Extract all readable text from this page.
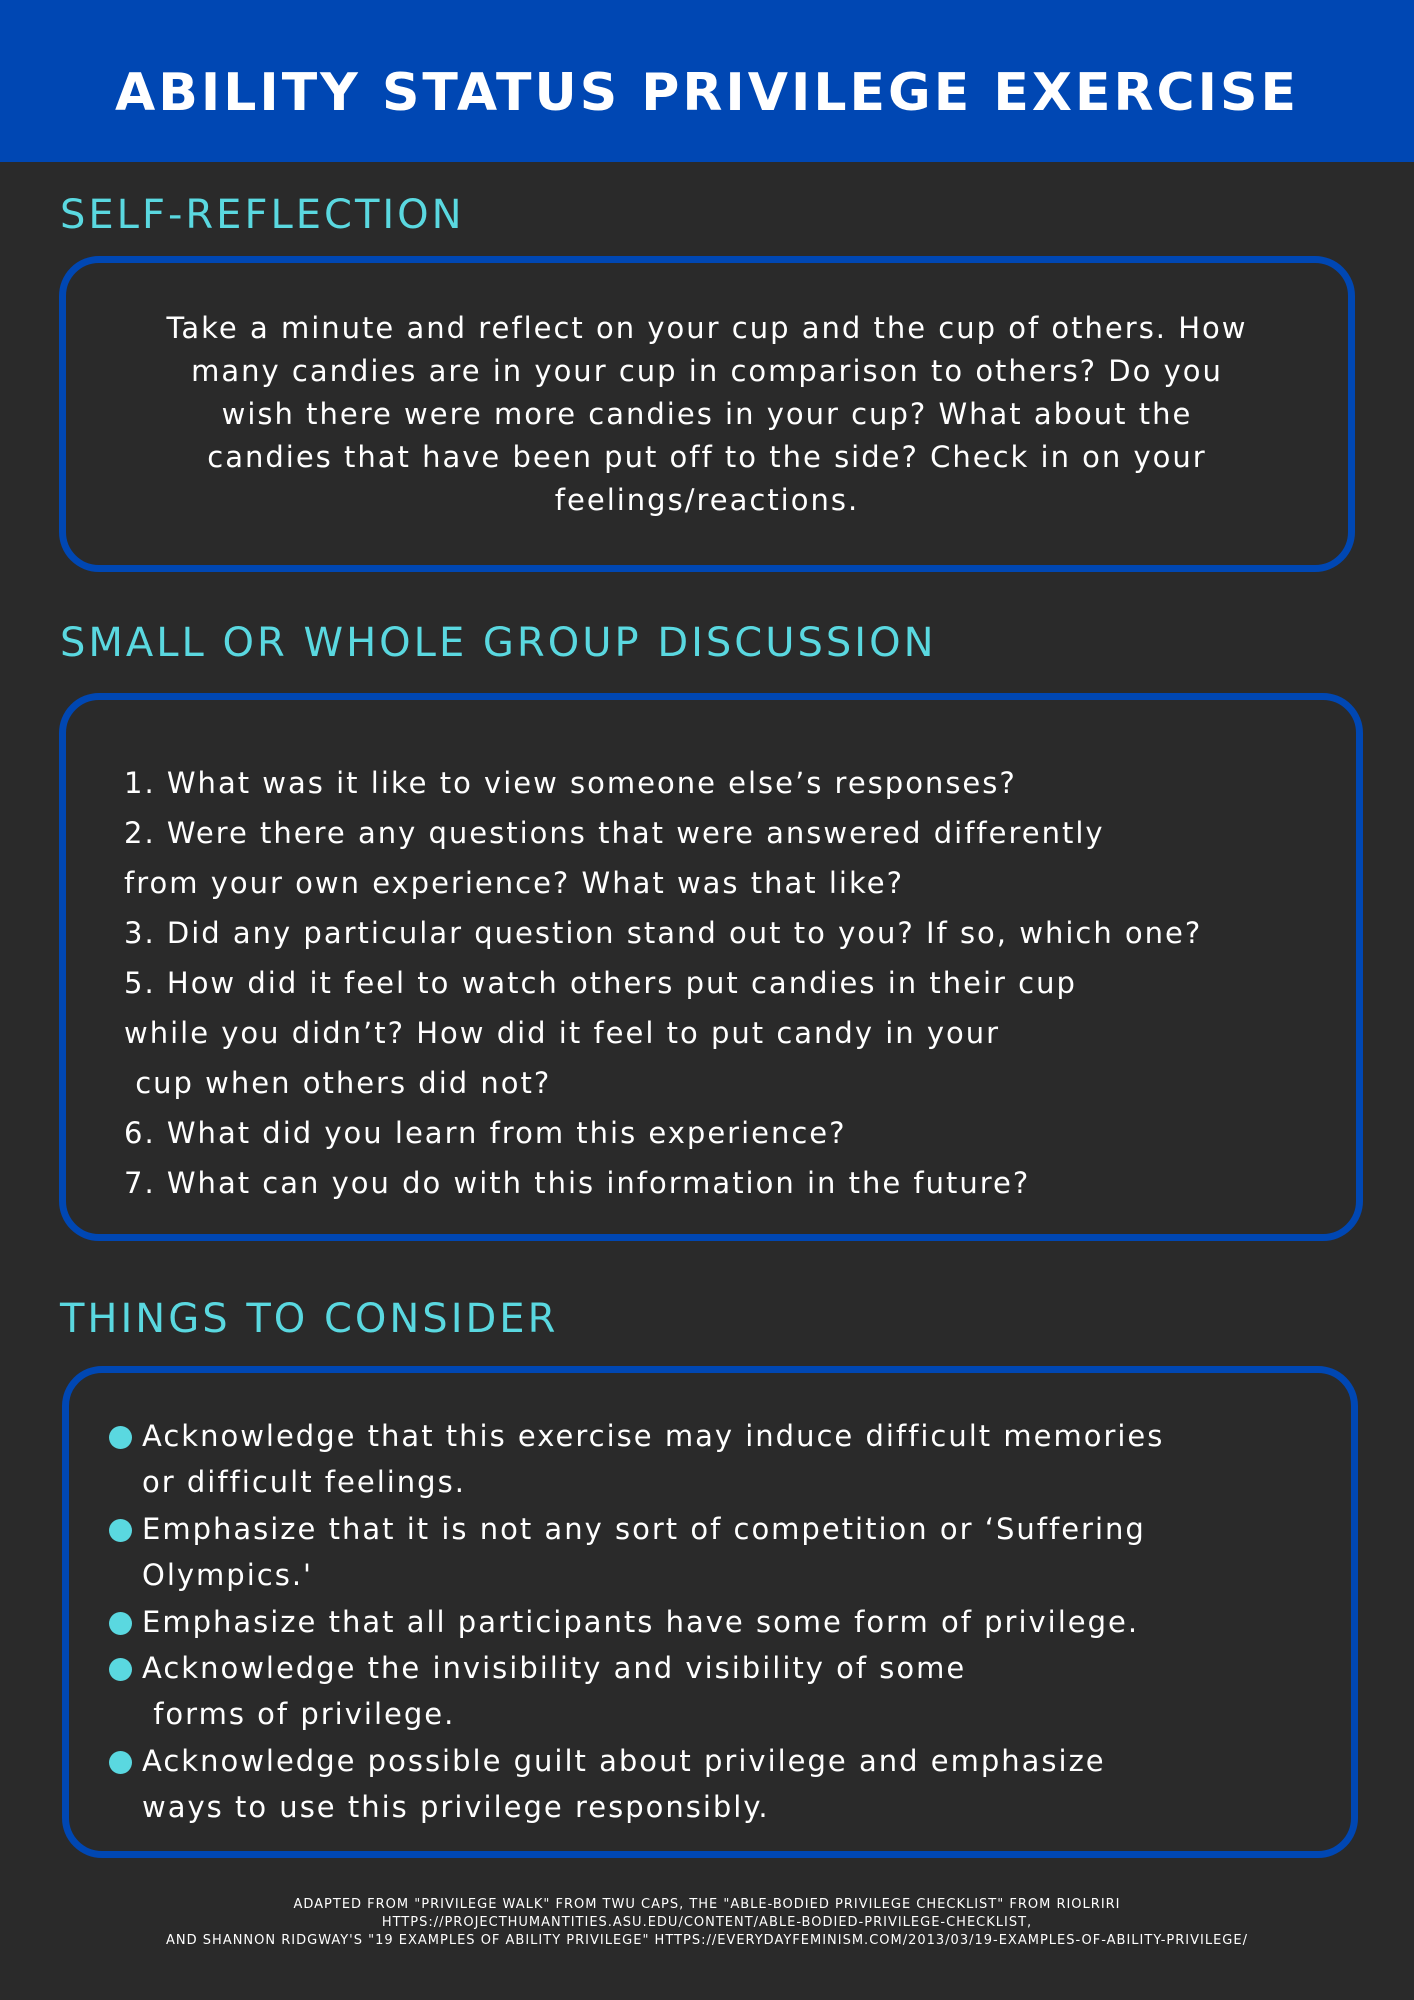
ABILITY STATUS PRIVILEGE EXERCISE
SELF-REFLECTION
Take a minute and reflect on your cup and the cup of others. How
many candies are in your cup in comparison to others? Do you
wish there were more candies in your cup? What about the
candies that have been put off to the side? Check in on your
feelings/reactions.
SMALL OR WHOLE GROUP DISCUSSION
1. What was it like to view someone else’s responses?
2. Were there any questions that were answered differently
from your own experience? What was that like?
3. Did any particular question stand out to you? If so, which one?
5. How did it feel to watch others put candies in their cup
while you didn’t? How did it feel to put candy in your
cup when others did not?
6. What did you learn from this experience?
7. What can you do with this information in the future?
THINGS TO CONSIDER
Acknowledge that this exercise may induce difficult memories
or difficult feelings.
Emphasize that it is not any sort of competition or ‘Suffering
Olympics.'
Emphasize that all participants have some form of privilege.
Acknowledge the invisibility and visibility of some
forms of privilege.
Acknowledge possible guilt about privilege and emphasize
ways to use this privilege responsibly.
ADAPTED FROM "PRIVILEGE WALK" FROM TWU CAPS, THE "ABLE-BODIED PRIVILEGE CHECKLIST" FROM RIOLRIRI
HTTPS://PROJECTHUMANTITIES.ASU.EDU/CONTENT/ABLE-BODIED-PRIVILEGE-CHECKLIST,
AND SHANNON RIDGWAY'S "19 EXAMPLES OF ABILITY PRIVILEGE" HTTPS://EVERYDAYFEMINISM.COM/2013/03/19-EXAMPLES-OF-ABILITY-PRIVILEGE/
